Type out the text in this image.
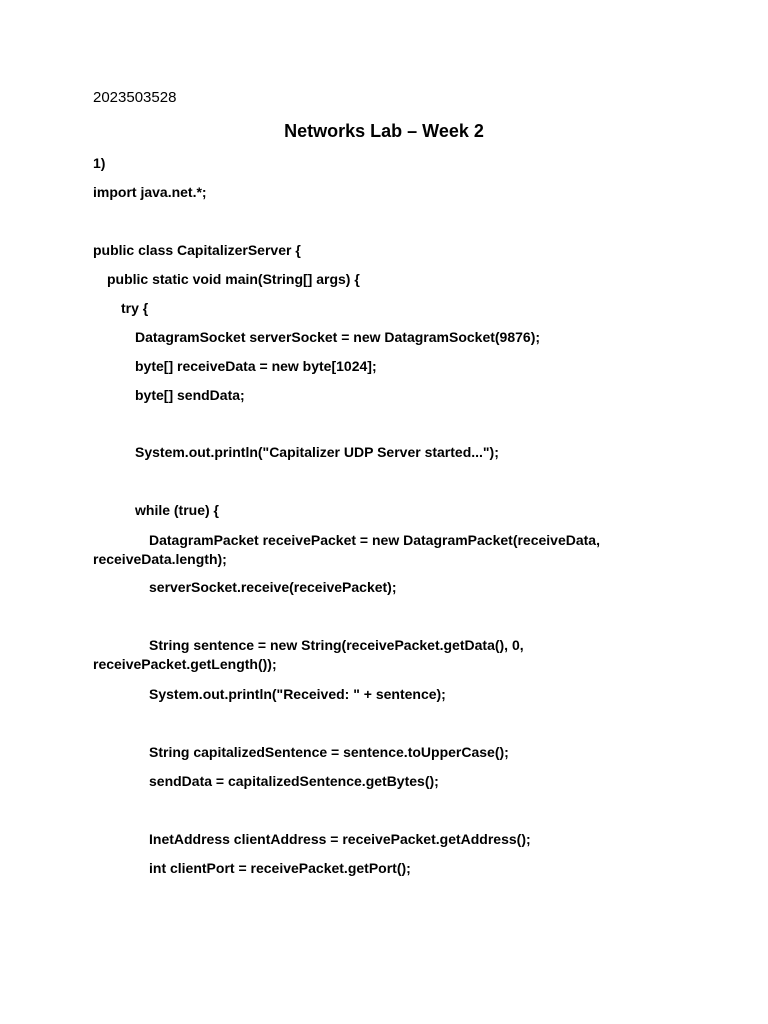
2023503528
Networks Lab – Week 2
1)
import java.net.*;
public class CapitalizerServer {
public static void main(String[] args) {
try {
DatagramSocket serverSocket = new DatagramSocket(9876);
byte[] receiveData = new byte[1024];
byte[] sendData;
System.out.println("Capitalizer UDP Server started...");
while (true) {
DatagramPacket receivePacket = new DatagramPacket(receiveData,
receiveData.length);
serverSocket.receive(receivePacket);
String sentence = new String(receivePacket.getData(), 0,
receivePacket.getLength());
System.out.println("Received: " + sentence);
String capitalizedSentence = sentence.toUpperCase();
sendData = capitalizedSentence.getBytes();
InetAddress clientAddress = receivePacket.getAddress();
int clientPort = receivePacket.getPort();
